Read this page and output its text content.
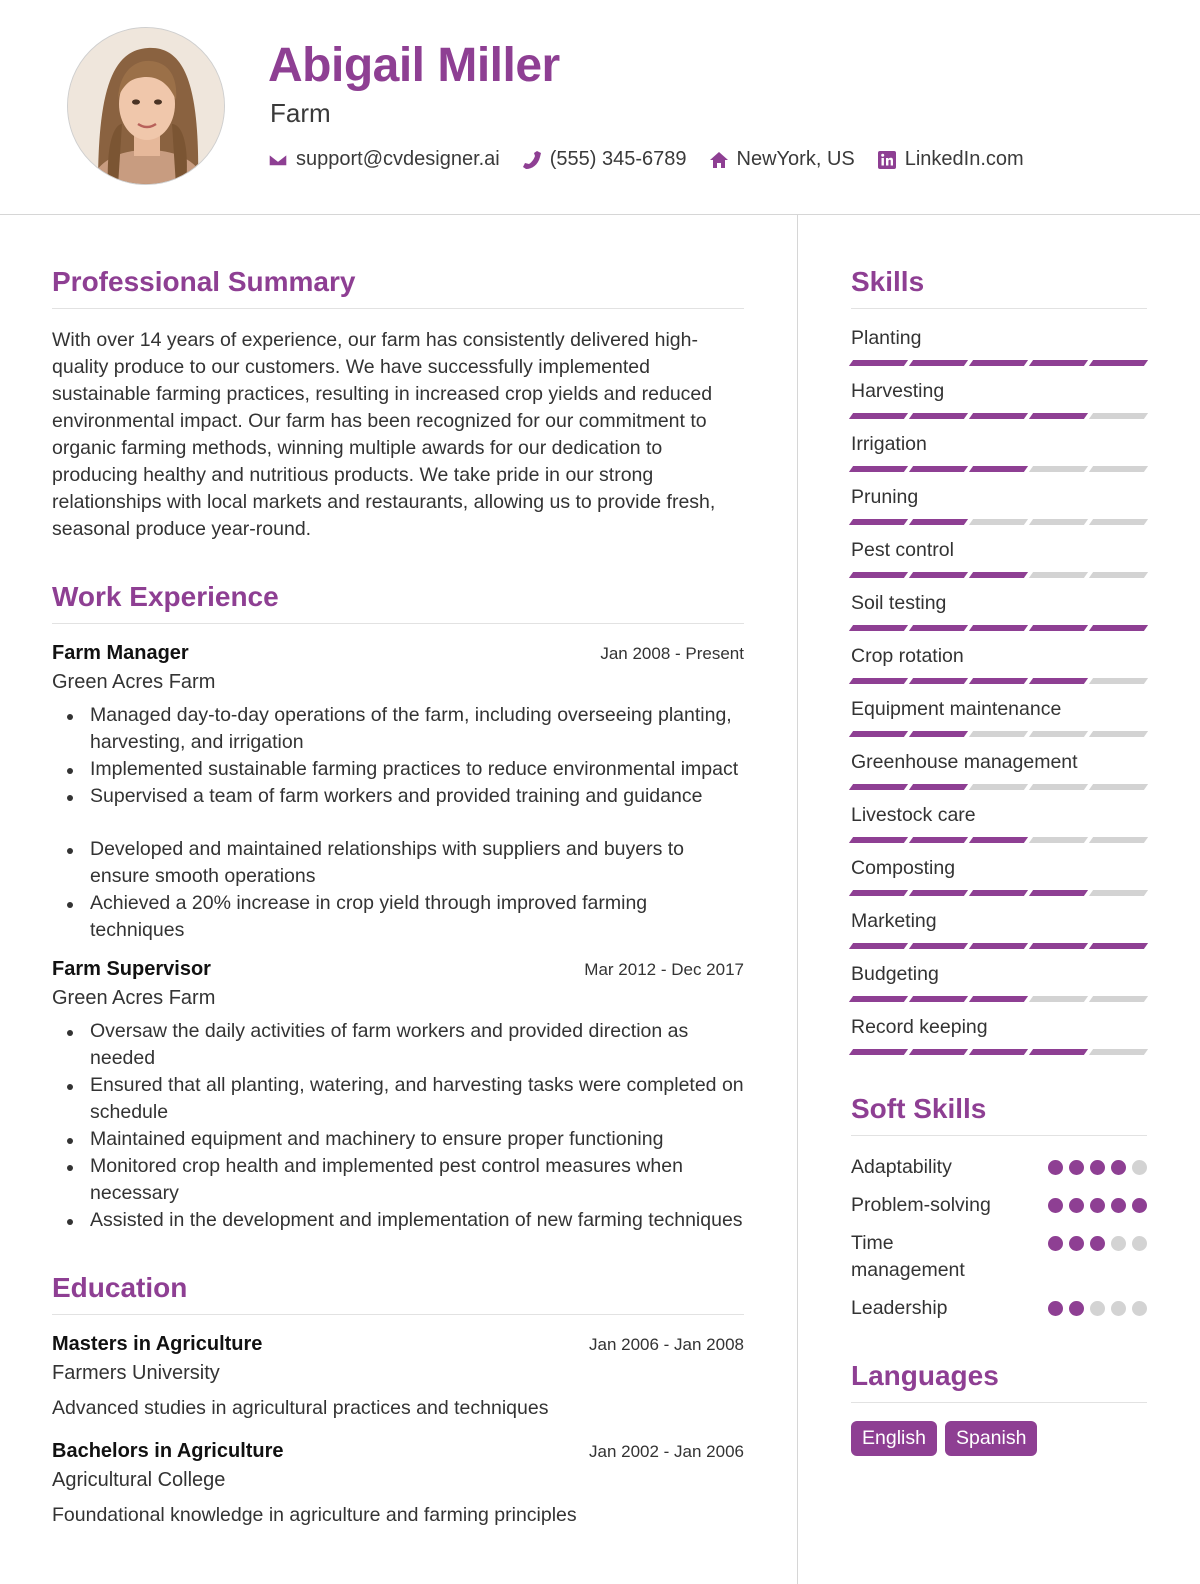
Abigail Miller
Farm
support@cvdesigner.ai	(555) 345-6789	NewYork, US	LinkedIn.com
Professional Summary

With over 14 years of experience, our farm has consistently delivered high-quality produce to our customers. We have successfully implemented sustainable farming practices, resulting in increased crop yields and reduced environmental impact. Our farm has been recognized for our commitment to organic farming methods, winning multiple awards for our dedication to producing healthy and nutritious products. We take pride in our strong relationships with local markets and restaurants, allowing us to provide fresh, seasonal produce year-round.

Work Experience
Farm Manager	Jan 2008 - Present
Green Acres Farm
Managed day-to-day operations of the farm, including overseeing planting, harvesting, and irrigation
Implemented sustainable farming practices to reduce environmental impact
Supervised a team of farm workers and provided training and guidance
Developed and maintained relationships with suppliers and buyers to ensure smooth operations
Achieved a 20% increase in crop yield through improved farming techniques
Farm Supervisor	Mar 2012 - Dec 2017
Green Acres Farm
Oversaw the daily activities of farm workers and provided direction as needed
Ensured that all planting, watering, and harvesting tasks were completed on schedule
Maintained equipment and machinery to ensure proper functioning
Monitored crop health and implemented pest control measures when necessary
Assisted in the development and implementation of new farming techniques
Education
Masters in Agriculture	Jan 2006 - Jan 2008
Farmers University
Advanced studies in agricultural practices and techniques
Bachelors in Agriculture	Jan 2002 - Jan 2006
Agricultural College
Foundational knowledge in agriculture and farming principles
Skills
Planting
Harvesting
Irrigation
Pruning
Pest control
Soil testing
Crop rotation
Equipment maintenance
Greenhouse management
Livestock care
Composting
Marketing
Budgeting
Record keeping
Soft Skills
Adaptability
Problem-solving
Time management
Leadership
Languages
English	Spanish
